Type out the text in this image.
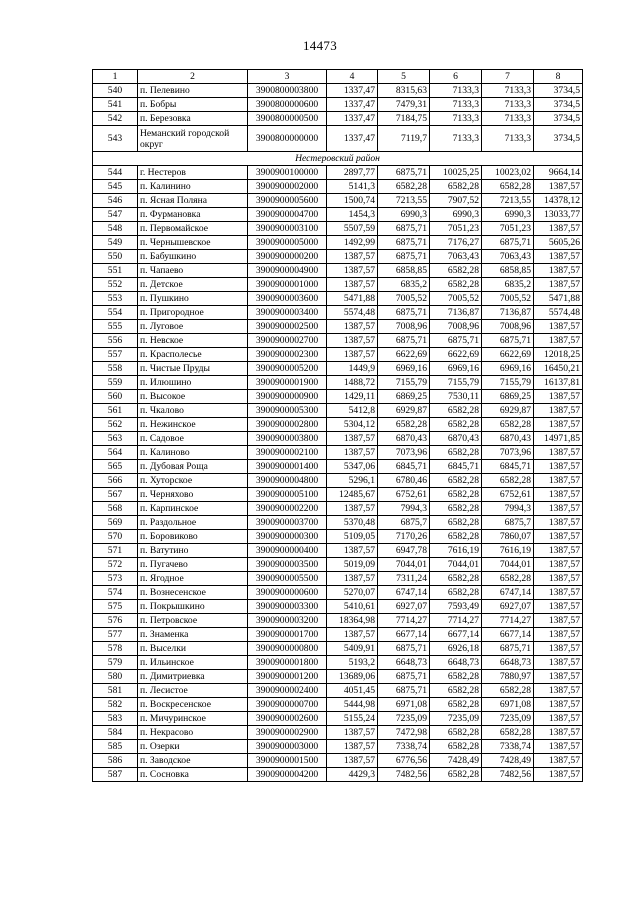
14473
1	2	3	4	5	6	7	8
540	п. Пелевино	3900800003800	1337,47	8315,63	7133,3	7133,3	3734,5
541	п. Бобры	3900800000600	1337,47	7479,31	7133,3	7133,3	3734,5
542	п. Березовка	3900800000500	1337,47	7184,75	7133,3	7133,3	3734,5
543	Неманский городской округ	3900800000000	1337,47	7119,7	7133,3	7133,3	3734,5
Нестеровский район							
544	г. Нестеров	3900900100000	2897,77	6875,71	10025,25	10023,02	9664,14
545	п. Калинино	3900900002000	5141,3	6582,28	6582,28	6582,28	1387,57
546	п. Ясная Поляна	3900900005600	1500,74	7213,55	7907,52	7213,55	14378,12
547	п. Фурмановка	3900900004700	1454,3	6990,3	6990,3	6990,3	13033,77
548	п. Первомайское	3900900003100	5507,59	6875,71	7051,23	7051,23	1387,57
549	п. Чернышевское	3900900005000	1492,99	6875,71	7176,27	6875,71	5605,26
550	п. Бабушкино	3900900000200	1387,57	6875,71	7063,43	7063,43	1387,57
551	п. Чапаево	3900900004900	1387,57	6858,85	6582,28	6858,85	1387,57
552	п. Детское	3900900001000	1387,57	6835,2	6582,28	6835,2	1387,57
553	п. Пушкино	3900900003600	5471,88	7005,52	7005,52	7005,52	5471,88
554	п. Пригородное	3900900003400	5574,48	6875,71	7136,87	7136,87	5574,48
555	п. Луговое	3900900002500	1387,57	7008,96	7008,96	7008,96	1387,57
556	п. Невское	3900900002700	1387,57	6875,71	6875,71	6875,71	1387,57
557	п. Красполесье	3900900002300	1387,57	6622,69	6622,69	6622,69	12018,25
558	п. Чистые Пруды	3900900005200	1449,9	6969,16	6969,16	6969,16	16450,21
559	п. Илюшино	3900900001900	1488,72	7155,79	7155,79	7155,79	16137,81
560	п. Высокое	3900900000900	1429,11	6869,25	7530,11	6869,25	1387,57
561	п. Чкалово	3900900005300	5412,8	6929,87	6582,28	6929,87	1387,57
562	п. Нежинское	3900900002800	5304,12	6582,28	6582,28	6582,28	1387,57
563	п. Садовое	3900900003800	1387,57	6870,43	6870,43	6870,43	14971,85
564	п. Калиново	3900900002100	1387,57	7073,96	6582,28	7073,96	1387,57
565	п. Дубовая Роща	3900900001400	5347,06	6845,71	6845,71	6845,71	1387,57
566	п. Хуторское	3900900004800	5296,1	6780,46	6582,28	6582,28	1387,57
567	п. Черняхово	3900900005100	12485,67	6752,61	6582,28	6752,61	1387,57
568	п. Карпинское	3900900002200	1387,57	7994,3	6582,28	7994,3	1387,57
569	п. Раздольное	3900900003700	5370,48	6875,7	6582,28	6875,7	1387,57
570	п. Боровиково	3900900000300	5109,05	7170,26	6582,28	7860,07	1387,57
571	п. Ватутино	3900900000400	1387,57	6947,78	7616,19	7616,19	1387,57
572	п. Пугачево	3900900003500	5019,09	7044,01	7044,01	7044,01	1387,57
573	п. Ягодное	3900900005500	1387,57	7311,24	6582,28	6582,28	1387,57
574	п. Вознесенское	3900900000600	5270,07	6747,14	6582,28	6747,14	1387,57
575	п. Покрышкино	3900900003300	5410,61	6927,07	7593,49	6927,07	1387,57
576	п. Петровское	3900900003200	18364,98	7714,27	7714,27	7714,27	1387,57
577	п. Знаменка	3900900001700	1387,57	6677,14	6677,14	6677,14	1387,57
578	п. Выселки	3900900000800	5409,91	6875,71	6926,18	6875,71	1387,57
579	п. Ильинское	3900900001800	5193,2	6648,73	6648,73	6648,73	1387,57
580	п. Димитриевка	3900900001200	13689,06	6875,71	6582,28	7880,97	1387,57
581	п. Лесистое	3900900002400	4051,45	6875,71	6582,28	6582,28	1387,57
582	п. Воскресенское	3900900000700	5444,98	6971,08	6582,28	6971,08	1387,57
583	п. Мичуринское	3900900002600	5155,24	7235,09	7235,09	7235,09	1387,57
584	п. Некрасово	3900900002900	1387,57	7472,98	6582,28	6582,28	1387,57
585	п. Озерки	3900900003000	1387,57	7338,74	6582,28	7338,74	1387,57
586	п. Заводское	3900900001500	1387,57	6776,56	7428,49	7428,49	1387,57
587	п. Сосновка	3900900004200	4429,3	7482,56	6582,28	7482,56	1387,57
